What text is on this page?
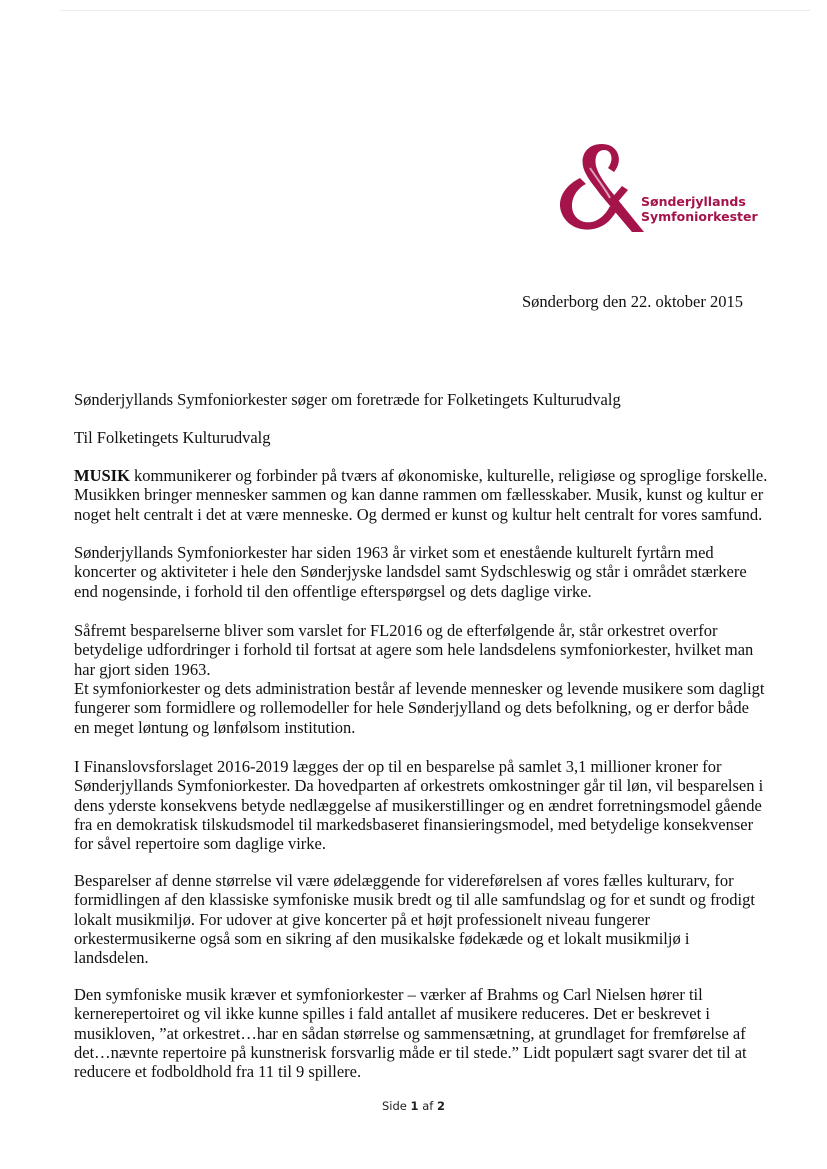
Sønderjyllands
Symfoniorkester
Sønderborg den 22. oktober 2015
Sønderjyllands Symfoniorkester søger om foretræde for Folketingets Kulturudvalg
Til Folketingets Kulturudvalg

MUSIK kommunikerer og forbinder på tværs af økonomiske, kulturelle, religiøse og sproglige forskelle. Musikken bringer mennesker sammen og kan danne rammen om fællesskaber. Musik, kunst og kultur er noget helt centralt i det at være menneske. Og dermed er kunst og kultur helt centralt for vores samfund.

Sønderjyllands Symfoniorkester har siden 1963 år virket som et enestående kulturelt fyrtårn med koncerter og aktiviteter i hele den Sønderjyske landsdel samt Sydschleswig og står i området stærkere end nogensinde, i forhold til den offentlige efterspørgsel og dets daglige virke.

Såfremt besparelserne bliver som varslet for FL2016 og de efterfølgende år, står orkestret overfor betydelige udfordringer i forhold til fortsat at agere som hele landsdelens symfoniorkester, hvilket man har gjort siden 1963.

Et symfoniorkester og dets administration består af levende mennesker og levende musikere som dagligt fungerer som formidlere og rollemodeller for hele Sønderjylland og dets befolkning, og er derfor både en meget løntung og lønfølsom institution.

I Finanslovsforslaget 2016-2019 lægges der op til en besparelse på samlet 3,1 millioner kroner for Sønderjyllands Symfoniorkester. Da hovedparten af orkestrets omkostninger går til løn, vil besparelsen i dens yderste konsekvens betyde nedlæggelse af musikerstillinger og en ændret forretningsmodel gående fra en demokratisk tilskudsmodel til markedsbaseret finansieringsmodel, med betydelige konsekvenser for såvel repertoire som daglige virke.

Besparelser af denne størrelse vil være ødelæggende for videreførelsen af vores fælles kulturarv, for formidlingen af den klassiske symfoniske musik bredt og til alle samfundslag og for et sundt og frodigt lokalt musikmiljø. For udover at give koncerter på et højt professionelt niveau fungerer orkestermusikerne også som en sikring af den musikalske fødekæde og et lokalt musikmiljø i landsdelen.

Den symfoniske musik kræver et symfoniorkester – værker af Brahms og Carl Nielsen hører til kernerepertoiret og vil ikke kunne spilles i fald antallet af musikere reduceres. Det er beskrevet i musikloven, ”at orkestret…har en sådan størrelse og sammensætning, at grundlaget for fremførelse af det…nævnte repertoire på kunstnerisk forsvarlig måde er til stede.” Lidt populært sagt svarer det til at reducere et fodboldhold fra 11 til 9 spillere.

Side 1 af 2
